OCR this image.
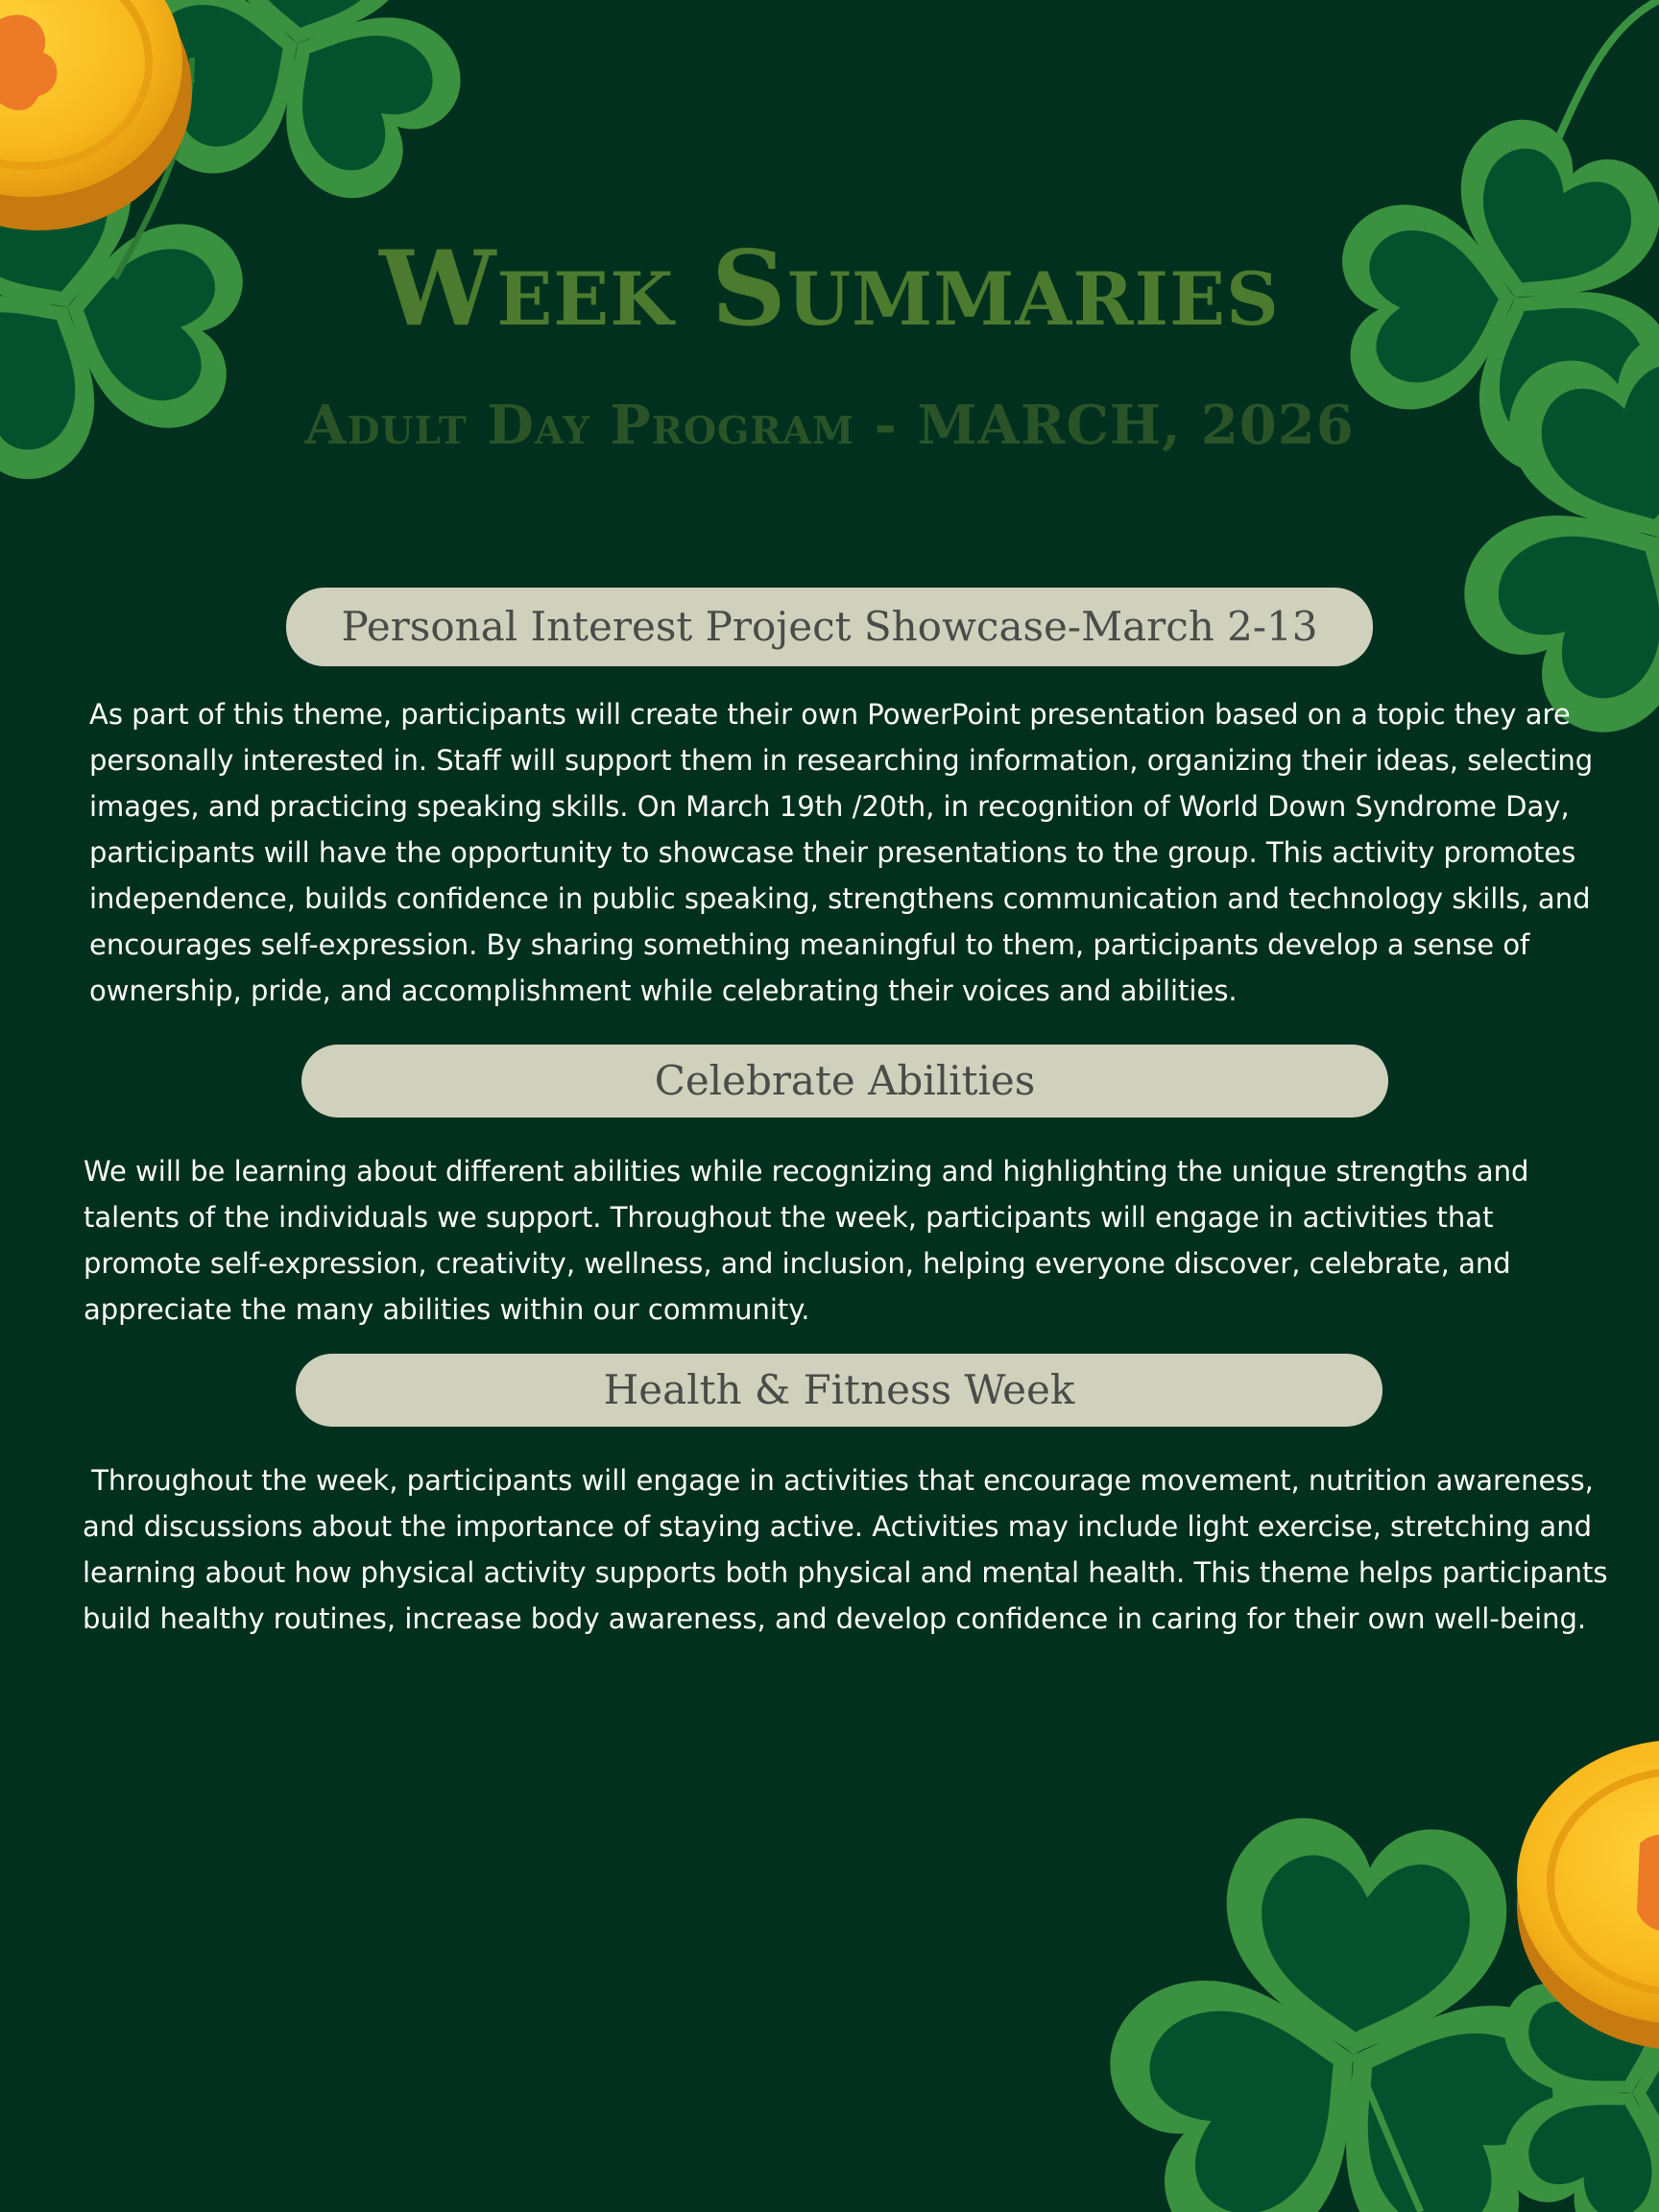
Week Summaries
Adult Day Program - MARCH, 2026
Personal Interest Project Showcase-March 2-13

As part of this theme, participants will create their own PowerPoint presentation based on a topic they are personally interested in. Staff will support them in researching information, organizing their ideas, selecting images, and practicing speaking skills. On March 19th /20th, in recognition of World Down Syndrome Day, participants will have the opportunity to showcase their presentations to the group. This activity promotes independence, builds confidence in public speaking, strengthens communication and technology skills, and encourages self-expression. By sharing something meaningful to them, participants develop a sense of ownership, pride, and accomplishment while celebrating their voices and abilities.

Celebrate Abilities

We will be learning about different abilities while recognizing and highlighting the unique strengths and talents of the individuals we support. Throughout the week, participants will engage in activities that promote self-expression, creativity, wellness, and inclusion, helping everyone discover, celebrate, and appreciate the many abilities within our community.

Health & Fitness Week

Throughout the week, participants will engage in activities that encourage movement, nutrition awareness, and discussions about the importance of staying active. Activities may include light exercise, stretching and learning about how physical activity supports both physical and mental health. This theme helps participants build healthy routines, increase body awareness, and develop confidence in caring for their own well-being.
